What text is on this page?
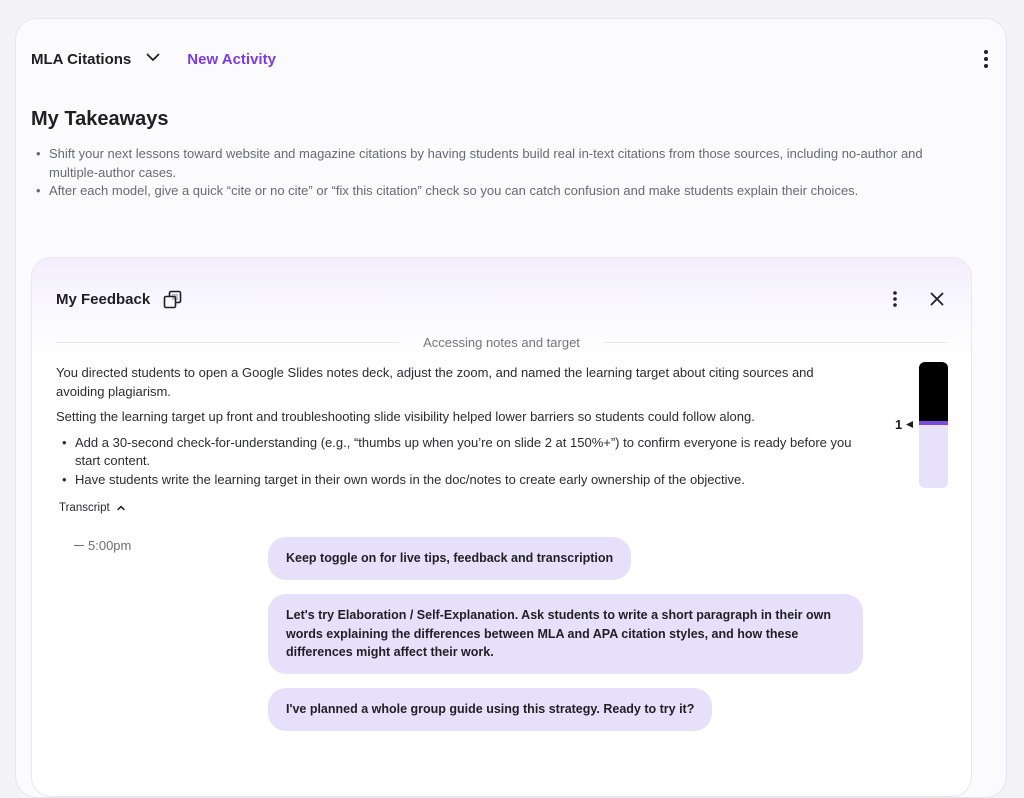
MLA Citations	New Activity
My Takeaways
• Shift your next lessons toward website and magazine citations by having students build real in-text citations from those sources, including no-author and multiple-author cases.
• After each model, give a quick “cite or no cite” or “fix this citation” check so you can catch confusion and make students explain their choices.
My Feedback
Accessing notes and target

You directed students to open a Google Slides notes deck, adjust the zoom, and named the learning target about citing sources and avoiding plagiarism.

Setting the learning target up front and troubleshooting slide visibility helped lower barriers so students could follow along.

• Add a 30-second check-for-understanding (e.g., “thumbs up when you’re on slide 2 at 150%+”) to confirm everyone is ready before you start content.
• Have students write the learning target in their own words in the doc/notes to create early ownership of the objective.
1
Transcript
5:00pm
Keep toggle on for live tips, feedback and transcription
Let's try Elaboration / Self-Explanation. Ask students to write a short paragraph in their own words explaining the differences between MLA and APA citation styles, and how these differences might affect their work.
I've planned a whole group guide using this strategy. Ready to try it?
